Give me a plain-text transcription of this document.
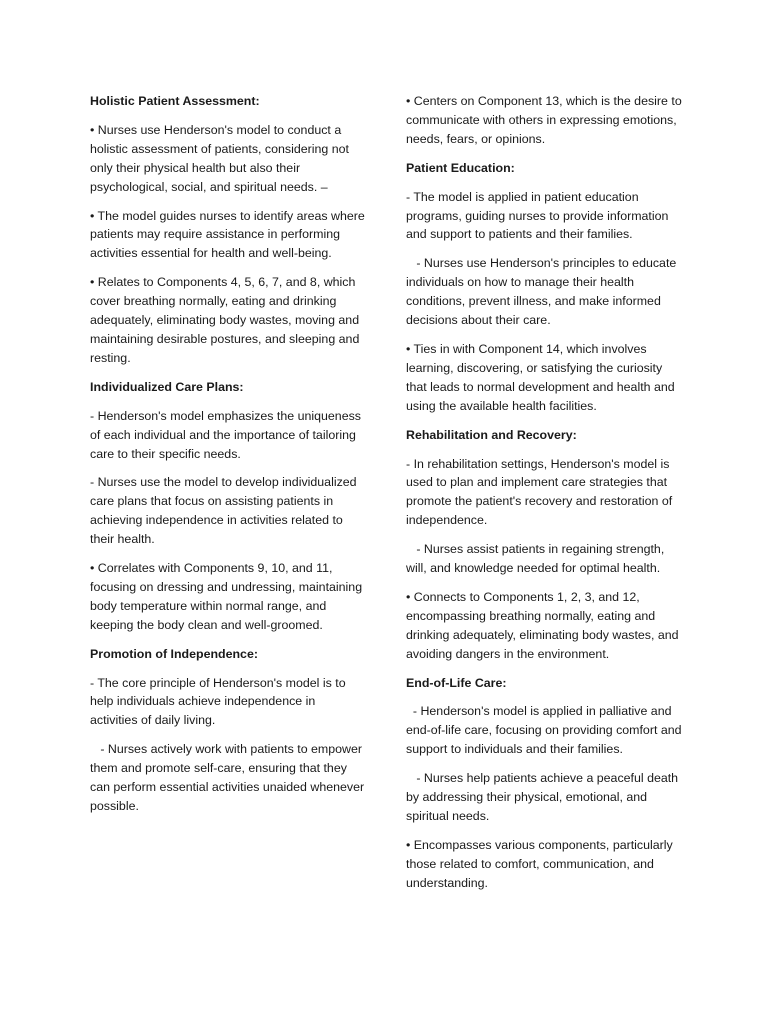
Holistic Patient Assessment:
• Nurses use Henderson's model to conduct a holistic assessment of patients, considering not only their physical health but also their psychological, social, and spiritual needs. –
• The model guides nurses to identify areas where patients may require assistance in performing activities essential for health and well-being.
• Relates to Components 4, 5, 6, 7, and 8, which cover breathing normally, eating and drinking adequately, eliminating body wastes, moving and maintaining desirable postures, and sleeping and resting.
Individualized Care Plans:
- Henderson's model emphasizes the uniqueness of each individual and the importance of tailoring care to their specific needs.
- Nurses use the model to develop individualized care plans that focus on assisting patients in achieving independence in activities related to their health.
• Correlates with Components 9, 10, and 11, focusing on dressing and undressing, maintaining body temperature within normal range, and keeping the body clean and well-groomed.
Promotion of Independence:
- The core principle of Henderson's model is to help individuals achieve independence in activities of daily living.
- Nurses actively work with patients to empower them and promote self-care, ensuring that they can perform essential activities unaided whenever possible.
• Centers on Component 13, which is the desire to communicate with others in expressing emotions, needs, fears, or opinions.
Patient Education:
- The model is applied in patient education programs, guiding nurses to provide information and support to patients and their families.
- Nurses use Henderson's principles to educate individuals on how to manage their health conditions, prevent illness, and make informed decisions about their care.
• Ties in with Component 14, which involves learning, discovering, or satisfying the curiosity that leads to normal development and health and using the available health facilities.
Rehabilitation and Recovery:
- In rehabilitation settings, Henderson's model is used to plan and implement care strategies that promote the patient's recovery and restoration of independence.
- Nurses assist patients in regaining strength, will, and knowledge needed for optimal health.
• Connects to Components 1, 2, 3, and 12, encompassing breathing normally, eating and drinking adequately, eliminating body wastes, and avoiding dangers in the environment.
End-of-Life Care:
- Henderson's model is applied in palliative and end-of-life care, focusing on providing comfort and support to individuals and their families.
- Nurses help patients achieve a peaceful death by addressing their physical, emotional, and spiritual needs.
• Encompasses various components, particularly those related to comfort, communication, and understanding.
